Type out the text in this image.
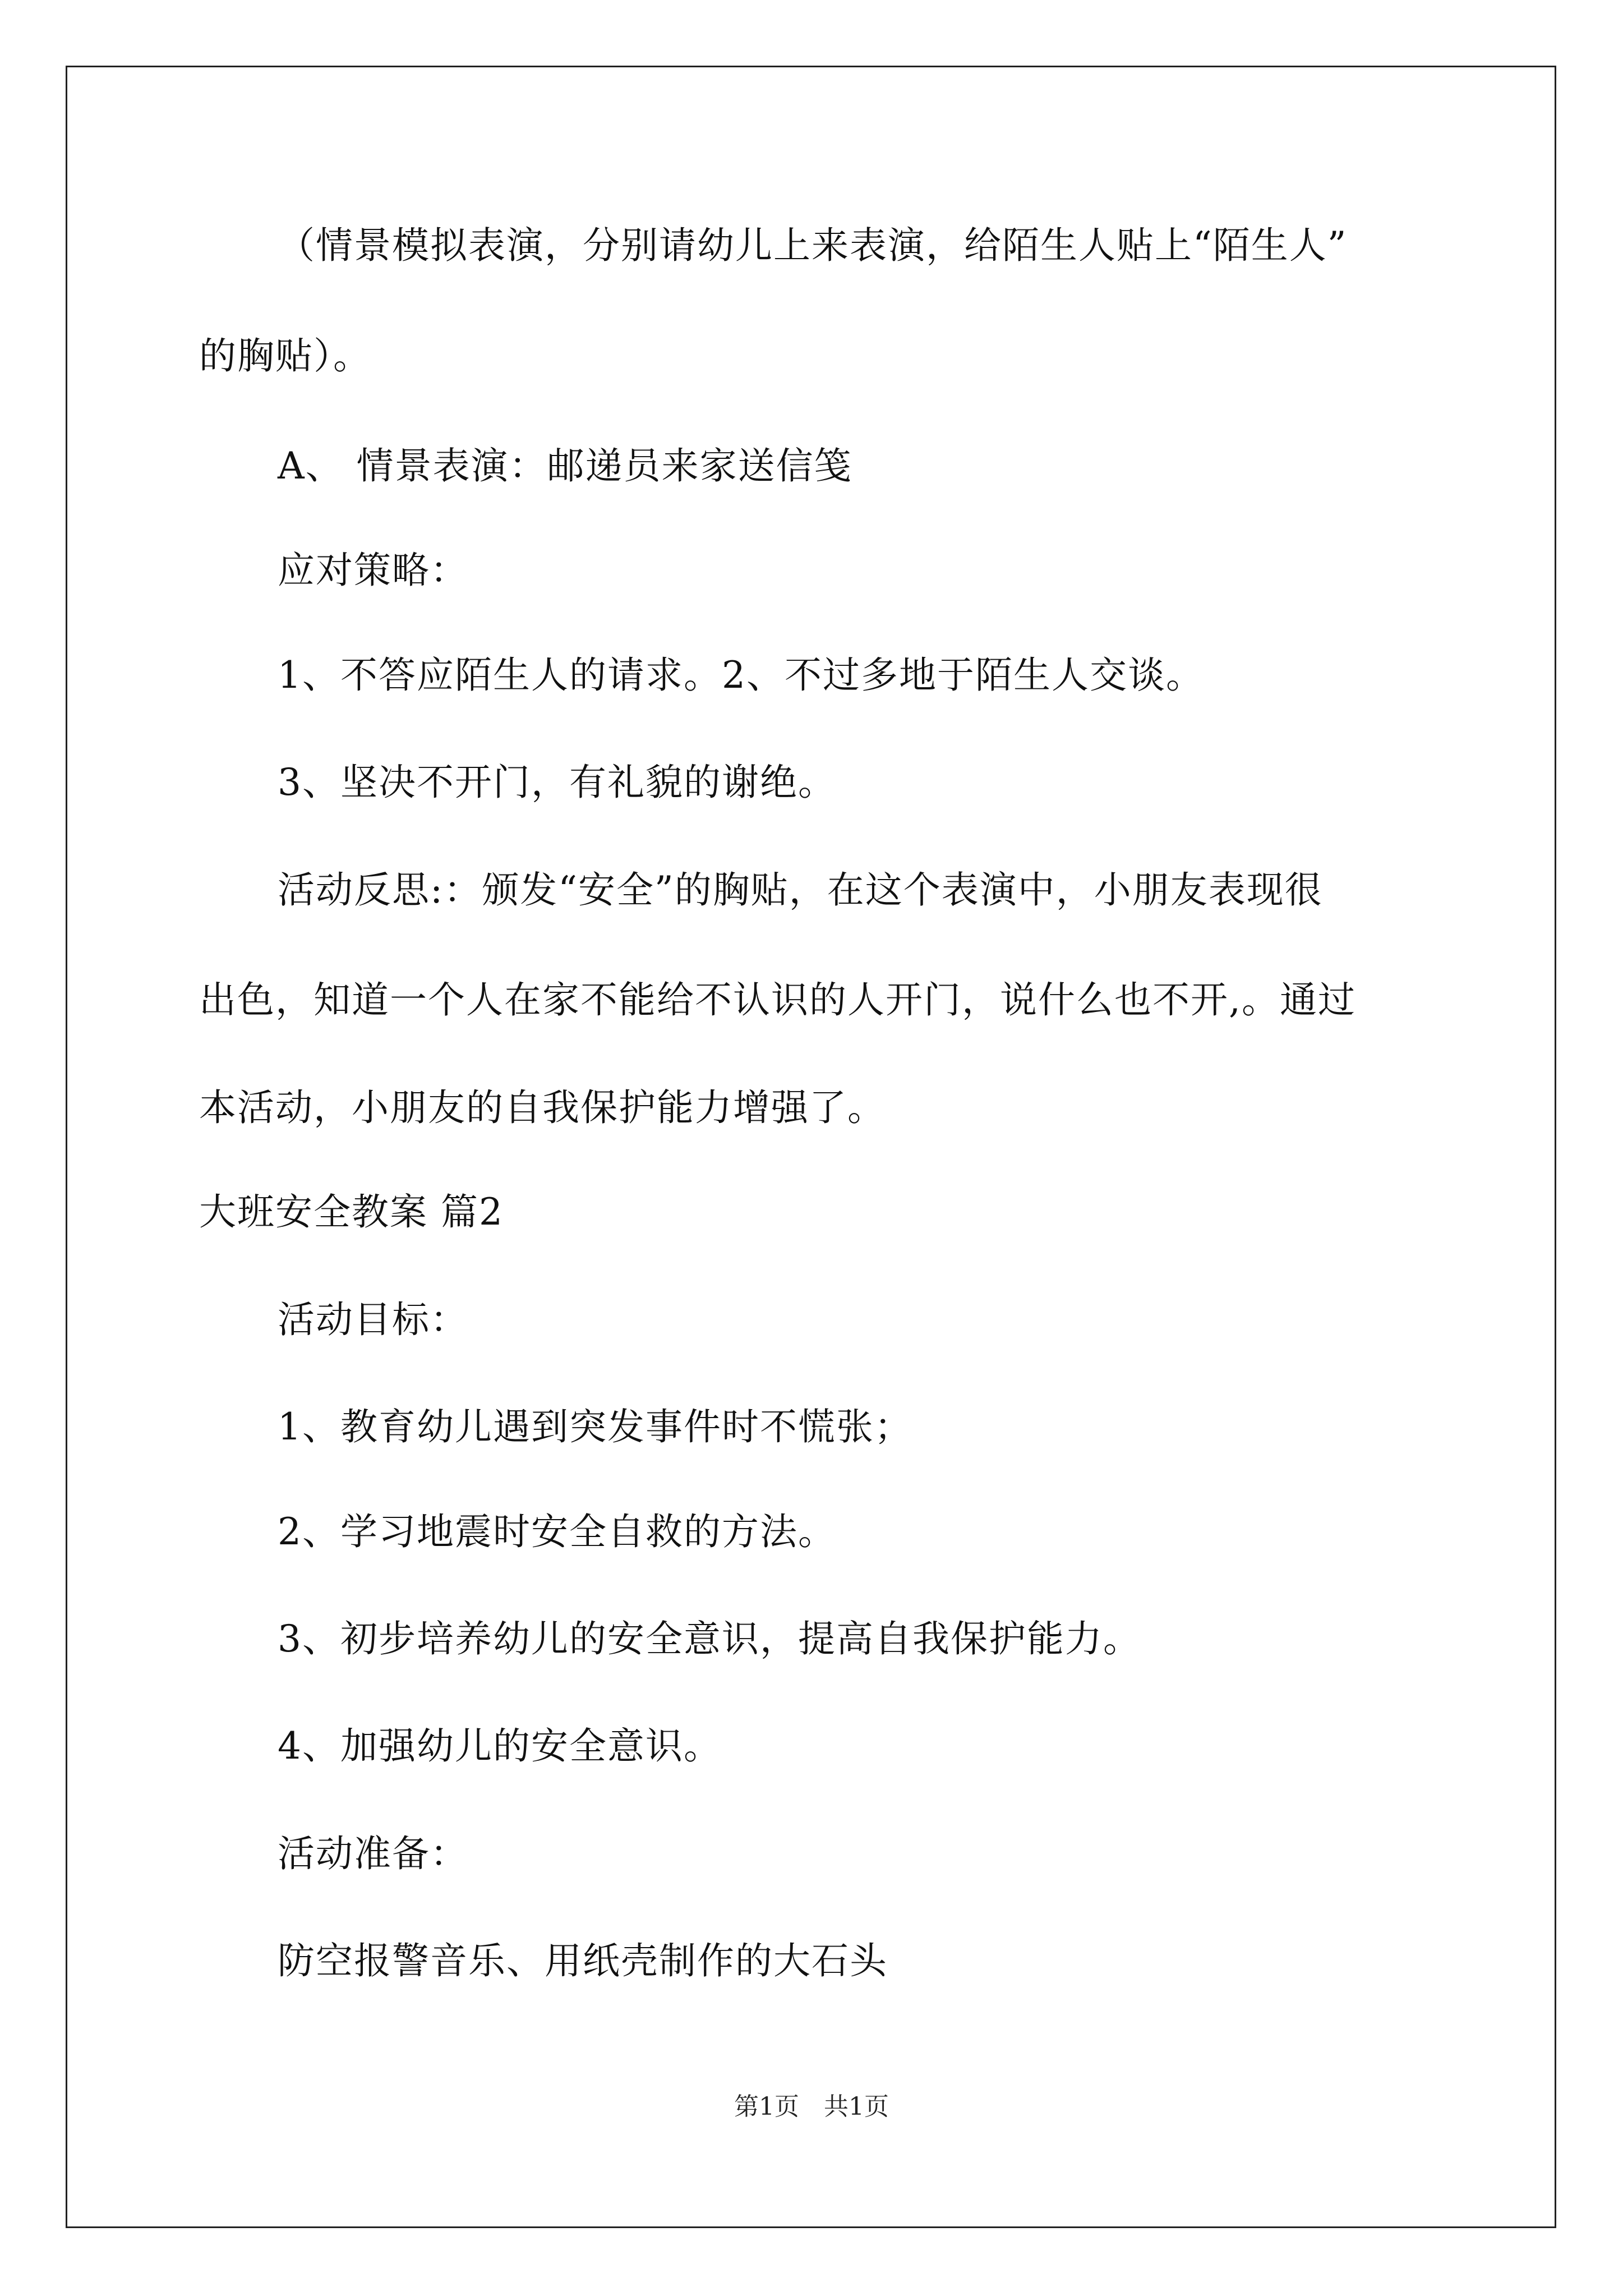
（情景模拟表演，分别请幼儿上来表演，给陌生人贴上“陌生人”
的胸贴）。
A、 情景表演：邮递员来家送信笺
应对策略：
1、不答应陌生人的请求。2、不过多地于陌生人交谈。
3、坚决不开门，有礼貌的谢绝。
活动反思:：颁发“安全”的胸贴，在这个表演中，小朋友表现很
出色，知道一个人在家不能给不认识的人开门，说什么也不开,。通过
本活动，小朋友的自我保护能力增强了。
大班安全教案 篇2
活动目标：
1、教育幼儿遇到突发事件时不慌张；
2、学习地震时安全自救的方法。
3、初步培养幼儿的安全意识，提高自我保护能力。
4、加强幼儿的安全意识。
活动准备：
防空报警音乐、用纸壳制作的大石头
第1页　共1页
